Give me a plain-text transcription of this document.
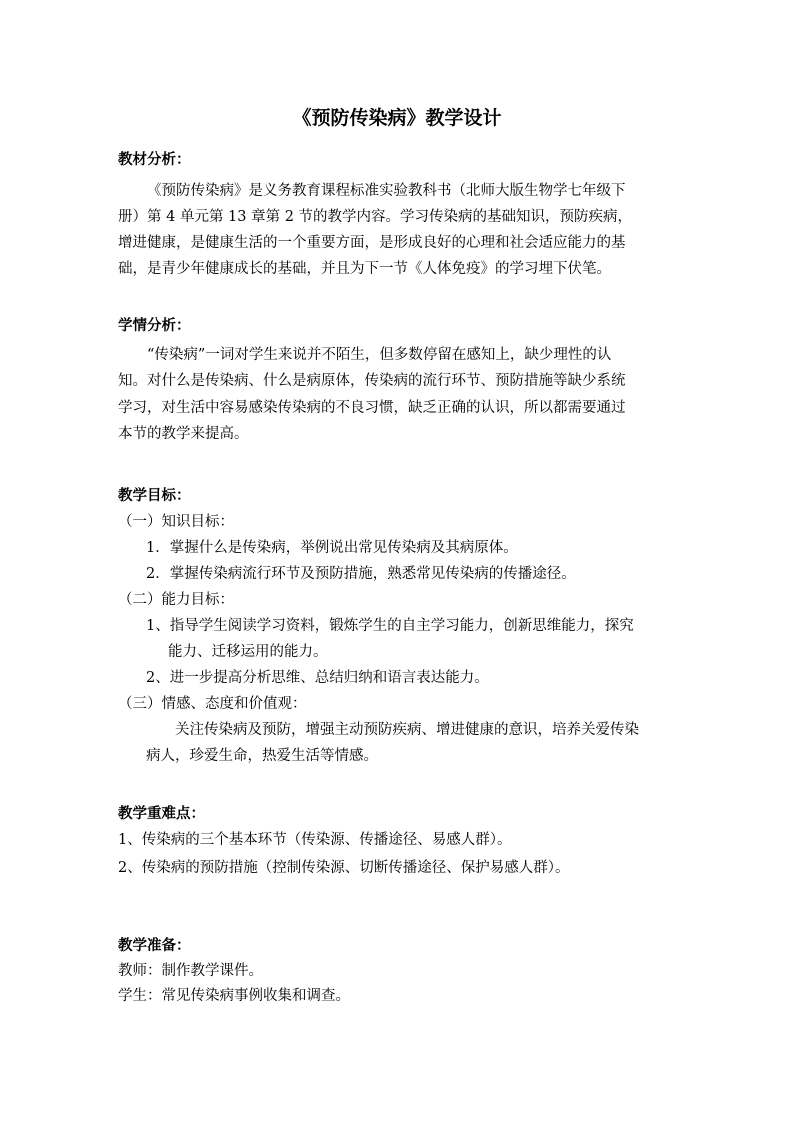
《预防传染病》教学设计
教材分析：
《预防传染病》是义务教育课程标准实验教科书（北师大版生物学七年级下
册）第 4 单元第 13 章第 2 节的教学内容。学习传染病的基础知识，预防疾病，
增进健康，是健康生活的一个重要方面，是形成良好的心理和社会适应能力的基
础，是青少年健康成长的基础，并且为下一节《人体免疫》的学习埋下伏笔。
学情分析：
“传染病”一词对学生来说并不陌生，但多数停留在感知上，缺少理性的认
知。对什么是传染病、什么是病原体，传染病的流行环节、预防措施等缺少系统
学习，对生活中容易感染传染病的不良习惯，缺乏正确的认识，所以都需要通过
本节的教学来提高。
教学目标：
（一）知识目标：
1．掌握什么是传染病，举例说出常见传染病及其病原体。
2．掌握传染病流行环节及预防措施，熟悉常见传染病的传播途径。
（二）能力目标：
1、指导学生阅读学习资料，锻炼学生的自主学习能力，创新思维能力，探究
能力、迁移运用的能力。
2、进一步提高分析思维、总结归纳和语言表达能力。
（三）情感、态度和价值观：
关注传染病及预防，增强主动预防疾病、增进健康的意识，培养关爱传染
病人，珍爱生命，热爱生活等情感。
教学重难点：
1、传染病的三个基本环节（传染源、传播途径、易感人群）。
2、传染病的预防措施（控制传染源、切断传播途径、保护易感人群）。
教学准备：
教师：制作教学课件。
学生：常见传染病事例收集和调查。
